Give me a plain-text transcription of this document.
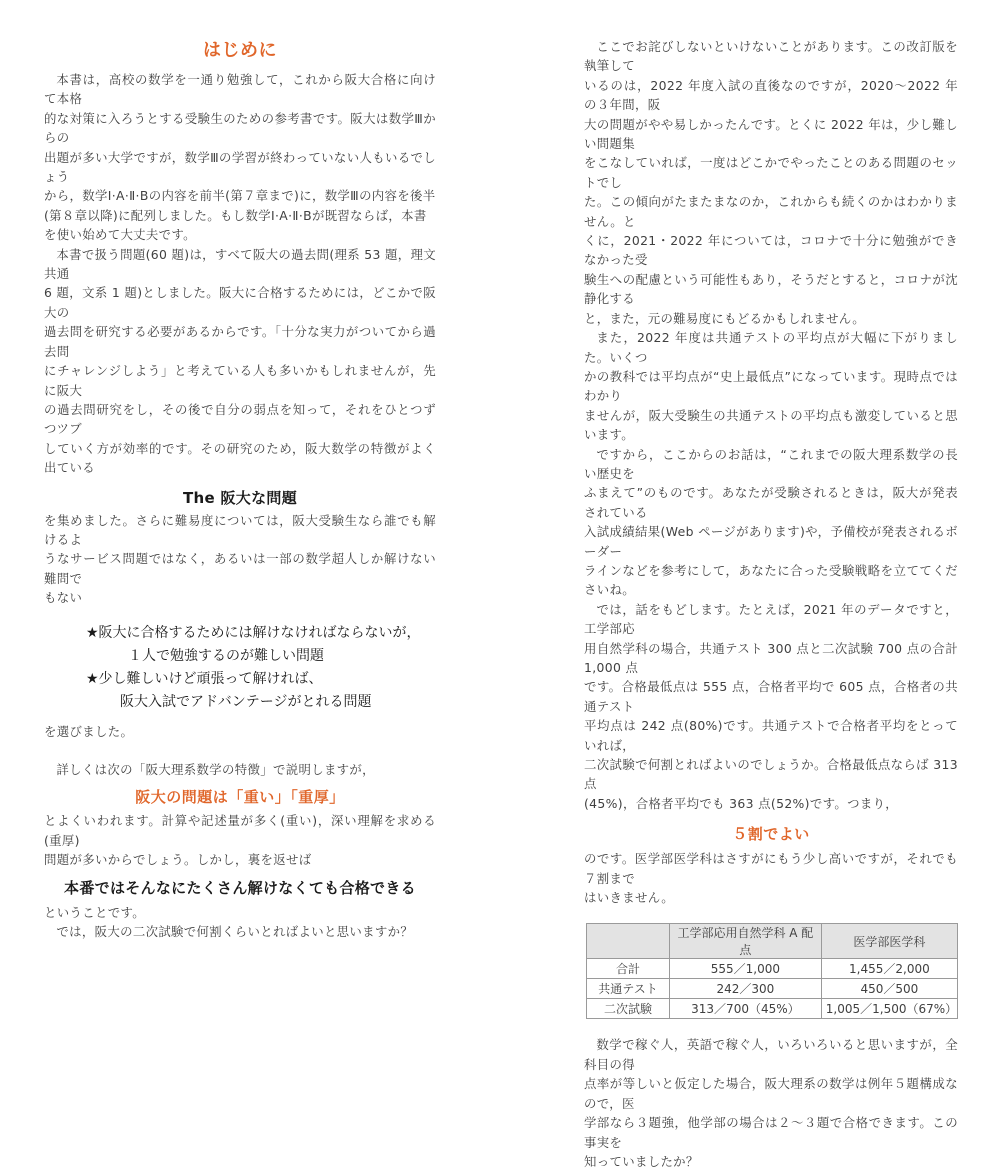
はじめに

本書は，高校の数学を一通り勉強して，これから阪大合格に向けて本格

的な対策に入ろうとする受験生のための参考書です。阪大は数学Ⅲからの

出題が多い大学ですが，数学Ⅲの学習が終わっていない人もいるでしょう

から，数学Ⅰ·A·Ⅱ·Bの内容を前半(第７章まで)に，数学Ⅲの内容を後半

(第８章以降)に配列しました。もし数学Ⅰ·A·Ⅱ·Bが既習ならば，本書

を使い始めて大丈夫です。

本書で扱う問題(60 題)は，すべて阪大の過去問(理系 53 題，理文共通

6 題，文系 1 題)としました。阪大に合格するためには，どこかで阪大の

過去問を研究する必要があるからです。「十分な実力がついてから過去問

にチャレンジしよう」と考えている人も多いかもしれませんが，先に阪大

の過去問研究をし，その後で自分の弱点を知って，それをひとつずつツブ

していく方が効率的です。その研究のため，阪大数学の特徴がよく出ている

The 阪大な問題

を集めました。さらに難易度については，阪大受験生なら誰でも解けるよ

うなサービス問題ではなく，あるいは一部の数学超人しか解けない難問で

もない

★阪大に合格するためには解けなければならないが，
１人で勉強するのが難しい問題
★少し難しいけど頑張って解ければ、
阪大入試でアドバンテージがとれる問題

を選びました。

詳しくは次の「阪大理系数学の特徴」で説明しますが，

阪大の問題は「重い」「重厚」

とよくいわれます。計算や記述量が多く(重い)，深い理解を求める(重厚)

問題が多いからでしょう。しかし，裏を返せば

本番ではそんなにたくさん解けなくても合格できる

ということです。

では，阪大の二次試験で何割くらいとればよいと思いますか？

ここでお詫びしないといけないことがあります。この改訂版を執筆して

いるのは，2022 年度入試の直後なのですが，2020〜2022 年の３年間，阪

大の問題がやや易しかったんです。とくに 2022 年は，少し難しい問題集

をこなしていれば，一度はどこかでやったことのある問題のセットでし

た。この傾向がたまたまなのか，これからも続くのかはわかりません。と

くに，2021・2022 年については，コロナで十分に勉強ができなかった受

験生への配慮という可能性もあり，そうだとすると，コロナが沈静化する

と，また，元の難易度にもどるかもしれません。

また，2022 年度は共通テストの平均点が大幅に下がりました。いくつ

かの教科では平均点が“史上最低点”になっています。現時点ではわかり

ませんが，阪大受験生の共通テストの平均点も激変していると思います。

ですから，ここからのお話は，“これまでの阪大理系数学の長い歴史を

ふまえて”のものです。あなたが受験されるときは，阪大が発表されている

入試成績結果(Web ページがあります)や，予備校が発表されるボーダー

ラインなどを参考にして，あなたに合った受験戦略を立ててくださいね。

では，話をもどします。たとえば，2021 年のデータですと，工学部応

用自然学科の場合，共通テスト 300 点と二次試験 700 点の合計 1,000 点

です。合格最低点は 555 点，合格者平均で 605 点，合格者の共通テスト

平均点は 242 点(80%)です。共通テストで合格者平均をとっていれば，

二次試験で何割とればよいのでしょうか。合格最低点ならば 313 点

(45%)，合格者平均でも 363 点(52%)です。つまり，

５割でよい

のです。医学部医学科はさすがにもう少し高いですが，それでも７割まで

はいきません。

	工学部応用自然学科 A 配点	医学部医学科
合計	555／1,000	1,455／2,000
共通テスト	242／300	450／500
二次試験	313／700（45%）	1,005／1,500（67%）

数学で稼ぐ人，英語で稼ぐ人，いろいろいると思いますが，全科目の得

点率が等しいと仮定した場合，阪大理系の数学は例年５題構成なので，医

学部なら３題強，他学部の場合は２〜３題で合格できます。この事実を

知っていましたか？
